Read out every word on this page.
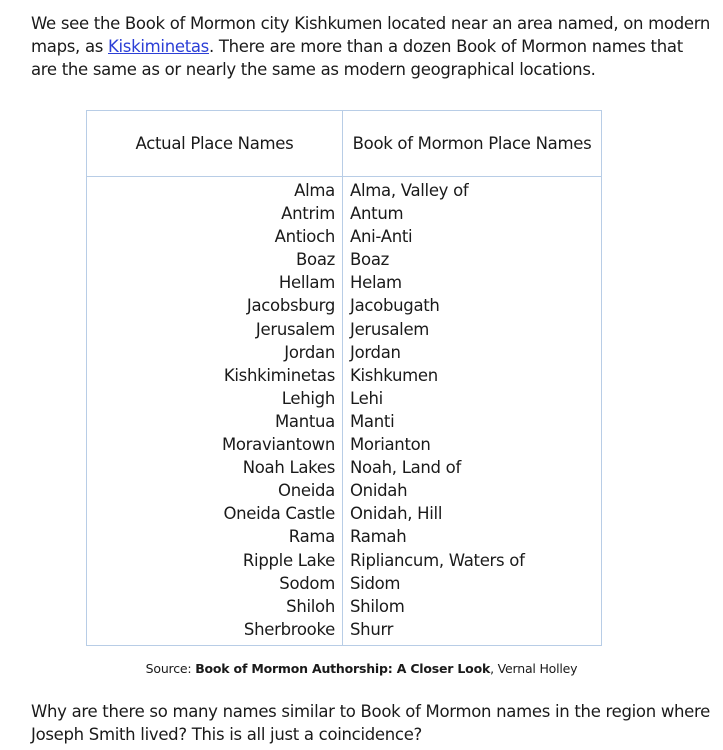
We see the Book of Mormon city Kishkumen located near an area named, on modern maps, as Kiskiminetas. There are more than a dozen Book of Mormon names that are the same as or nearly the same as modern geographical locations.

Actual Place Names	Book of Mormon Place Names
Alma	Alma, Valley of
Antrim	Antum
Antioch	Ani-Anti
Boaz	Boaz
Hellam	Helam
Jacobsburg	Jacobugath
Jerusalem	Jerusalem
Jordan	Jordan
Kishkiminetas	Kishkumen
Lehigh	Lehi
Mantua	Manti
Moraviantown	Morianton
Noah Lakes	Noah, Land of
Oneida	Onidah
Oneida Castle	Onidah, Hill
Rama	Ramah
Ripple Lake	Ripliancum, Waters of
Sodom	Sidom
Shiloh	Shilom
Sherbrooke	Shurr
Source: Book of Mormon Authorship: A Closer Look, Vernal Holley

Why are there so many names similar to Book of Mormon names in the region where Joseph Smith lived? This is all just a coincidence?
